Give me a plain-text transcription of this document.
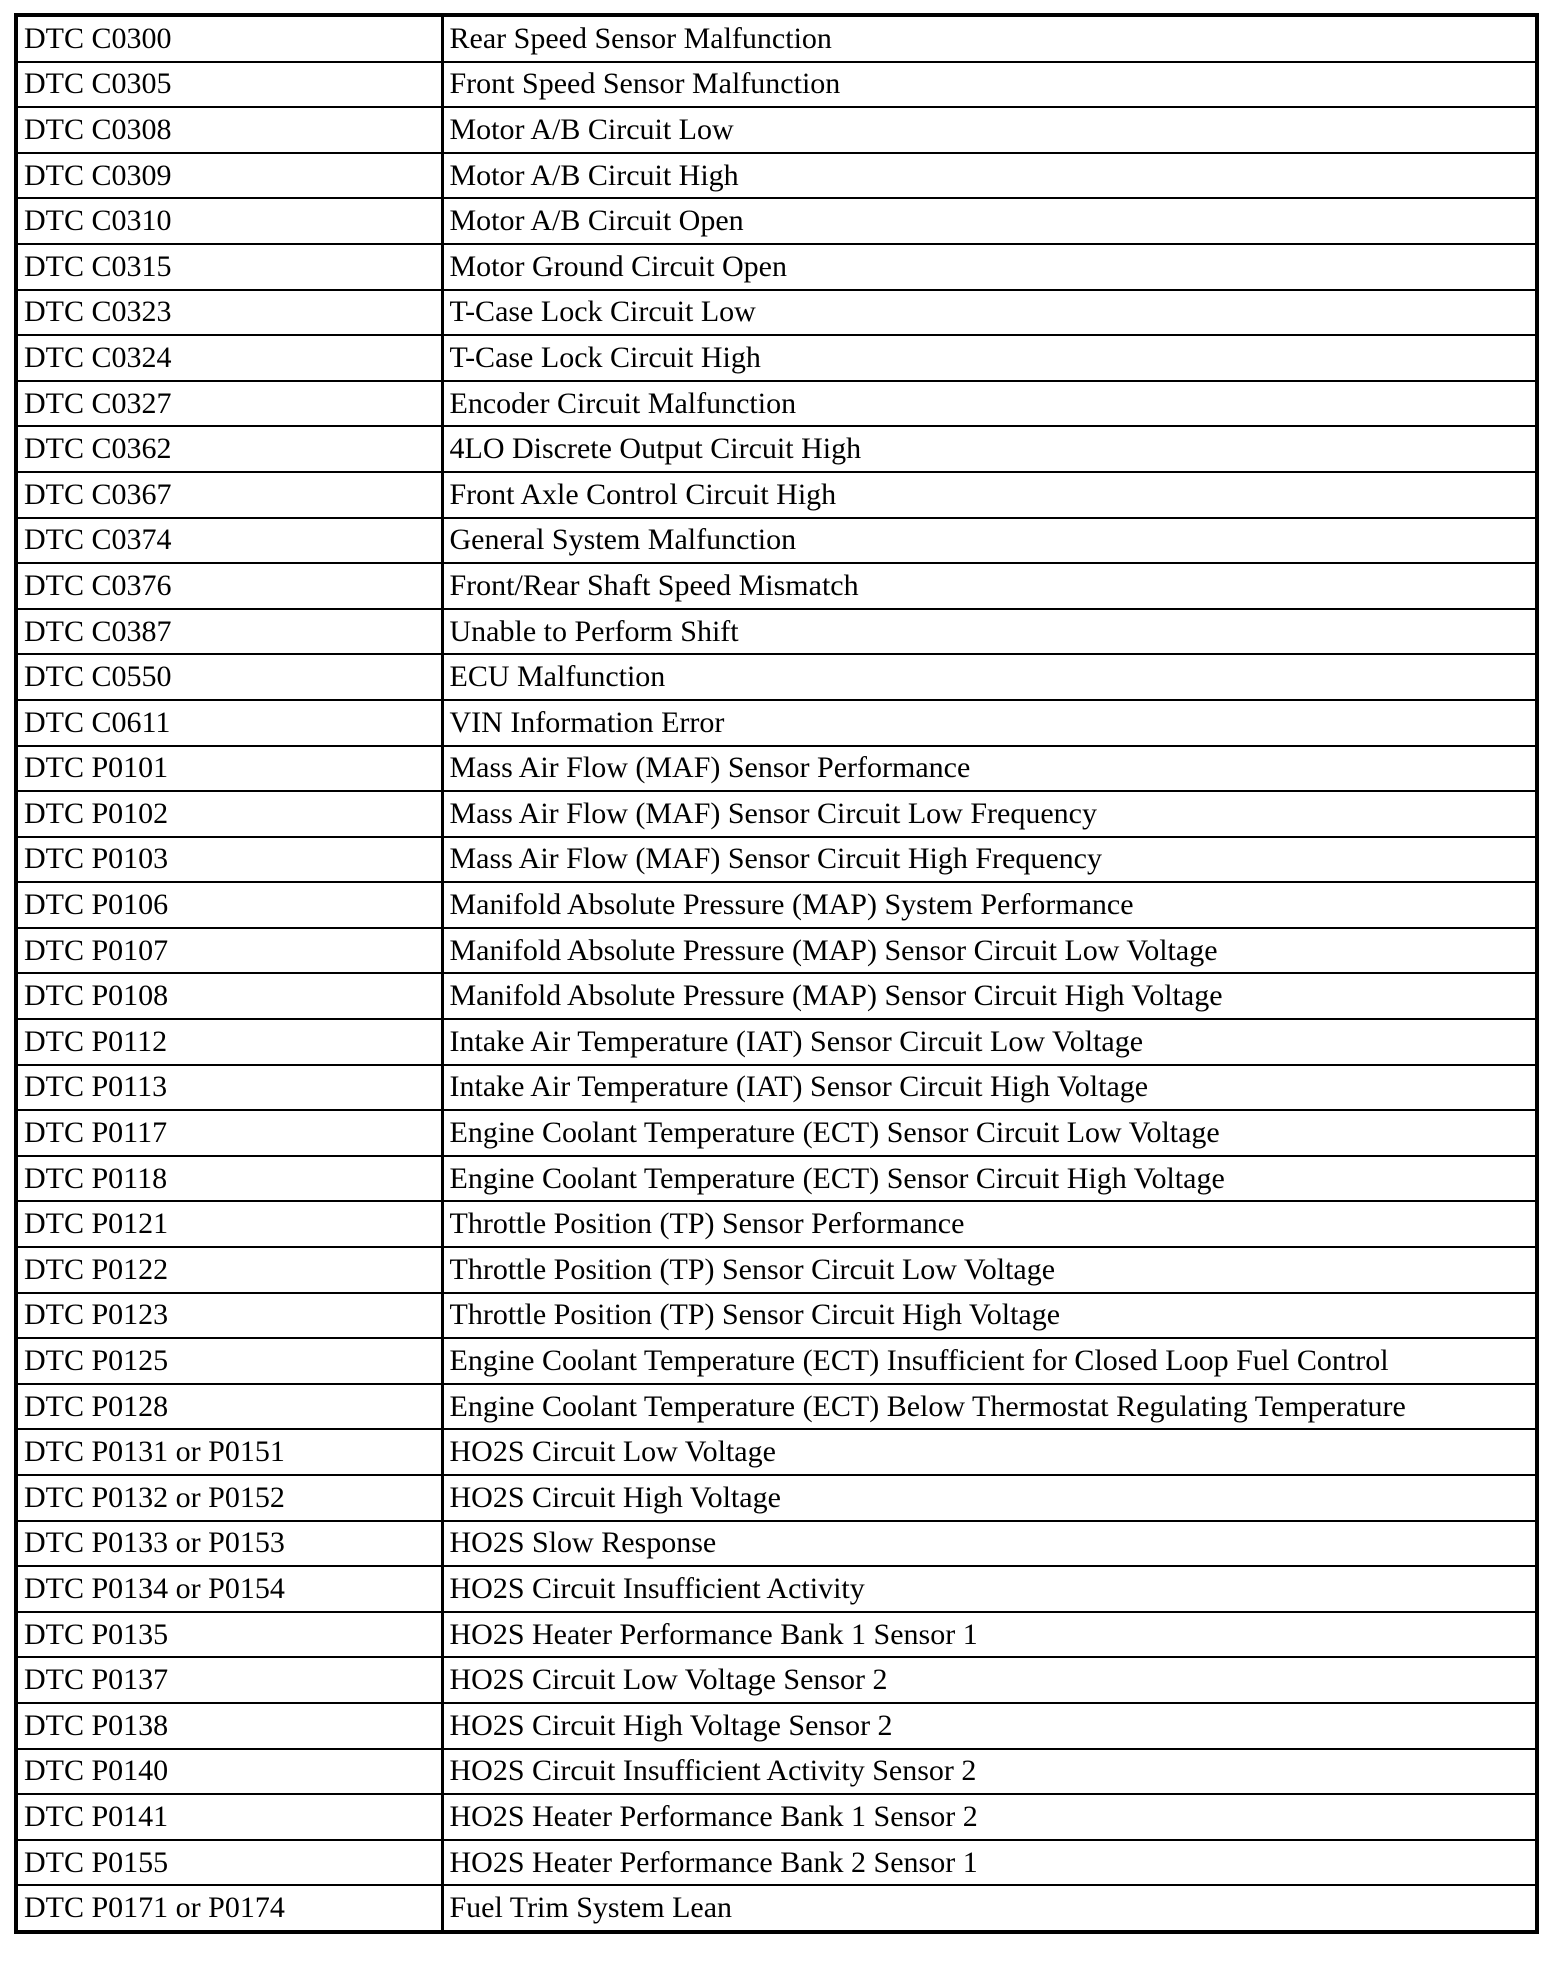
DTC C0300	Rear Speed Sensor Malfunction
DTC C0305	Front Speed Sensor Malfunction
DTC C0308	Motor A/B Circuit Low
DTC C0309	Motor A/B Circuit High
DTC C0310	Motor A/B Circuit Open
DTC C0315	Motor Ground Circuit Open
DTC C0323	T-Case Lock Circuit Low
DTC C0324	T-Case Lock Circuit High
DTC C0327	Encoder Circuit Malfunction
DTC C0362	4LO Discrete Output Circuit High
DTC C0367	Front Axle Control Circuit High
DTC C0374	General System Malfunction
DTC C0376	Front/Rear Shaft Speed Mismatch
DTC C0387	Unable to Perform Shift
DTC C0550	ECU Malfunction
DTC C0611	VIN Information Error
DTC P0101	Mass Air Flow (MAF) Sensor Performance
DTC P0102	Mass Air Flow (MAF) Sensor Circuit Low Frequency
DTC P0103	Mass Air Flow (MAF) Sensor Circuit High Frequency
DTC P0106	Manifold Absolute Pressure (MAP) System Performance
DTC P0107	Manifold Absolute Pressure (MAP) Sensor Circuit Low Voltage
DTC P0108	Manifold Absolute Pressure (MAP) Sensor Circuit High Voltage
DTC P0112	Intake Air Temperature (IAT) Sensor Circuit Low Voltage
DTC P0113	Intake Air Temperature (IAT) Sensor Circuit High Voltage
DTC P0117	Engine Coolant Temperature (ECT) Sensor Circuit Low Voltage
DTC P0118	Engine Coolant Temperature (ECT) Sensor Circuit High Voltage
DTC P0121	Throttle Position (TP) Sensor Performance
DTC P0122	Throttle Position (TP) Sensor Circuit Low Voltage
DTC P0123	Throttle Position (TP) Sensor Circuit High Voltage
DTC P0125	Engine Coolant Temperature (ECT) Insufficient for Closed Loop Fuel Control
DTC P0128	Engine Coolant Temperature (ECT) Below Thermostat Regulating Temperature
DTC P0131 or P0151	HO2S Circuit Low Voltage
DTC P0132 or P0152	HO2S Circuit High Voltage
DTC P0133 or P0153	HO2S Slow Response
DTC P0134 or P0154	HO2S Circuit Insufficient Activity
DTC P0135	HO2S Heater Performance Bank 1 Sensor 1
DTC P0137	HO2S Circuit Low Voltage Sensor 2
DTC P0138	HO2S Circuit High Voltage Sensor 2
DTC P0140	HO2S Circuit Insufficient Activity Sensor 2
DTC P0141	HO2S Heater Performance Bank 1 Sensor 2
DTC P0155	HO2S Heater Performance Bank 2 Sensor 1
DTC P0171 or P0174	Fuel Trim System Lean
